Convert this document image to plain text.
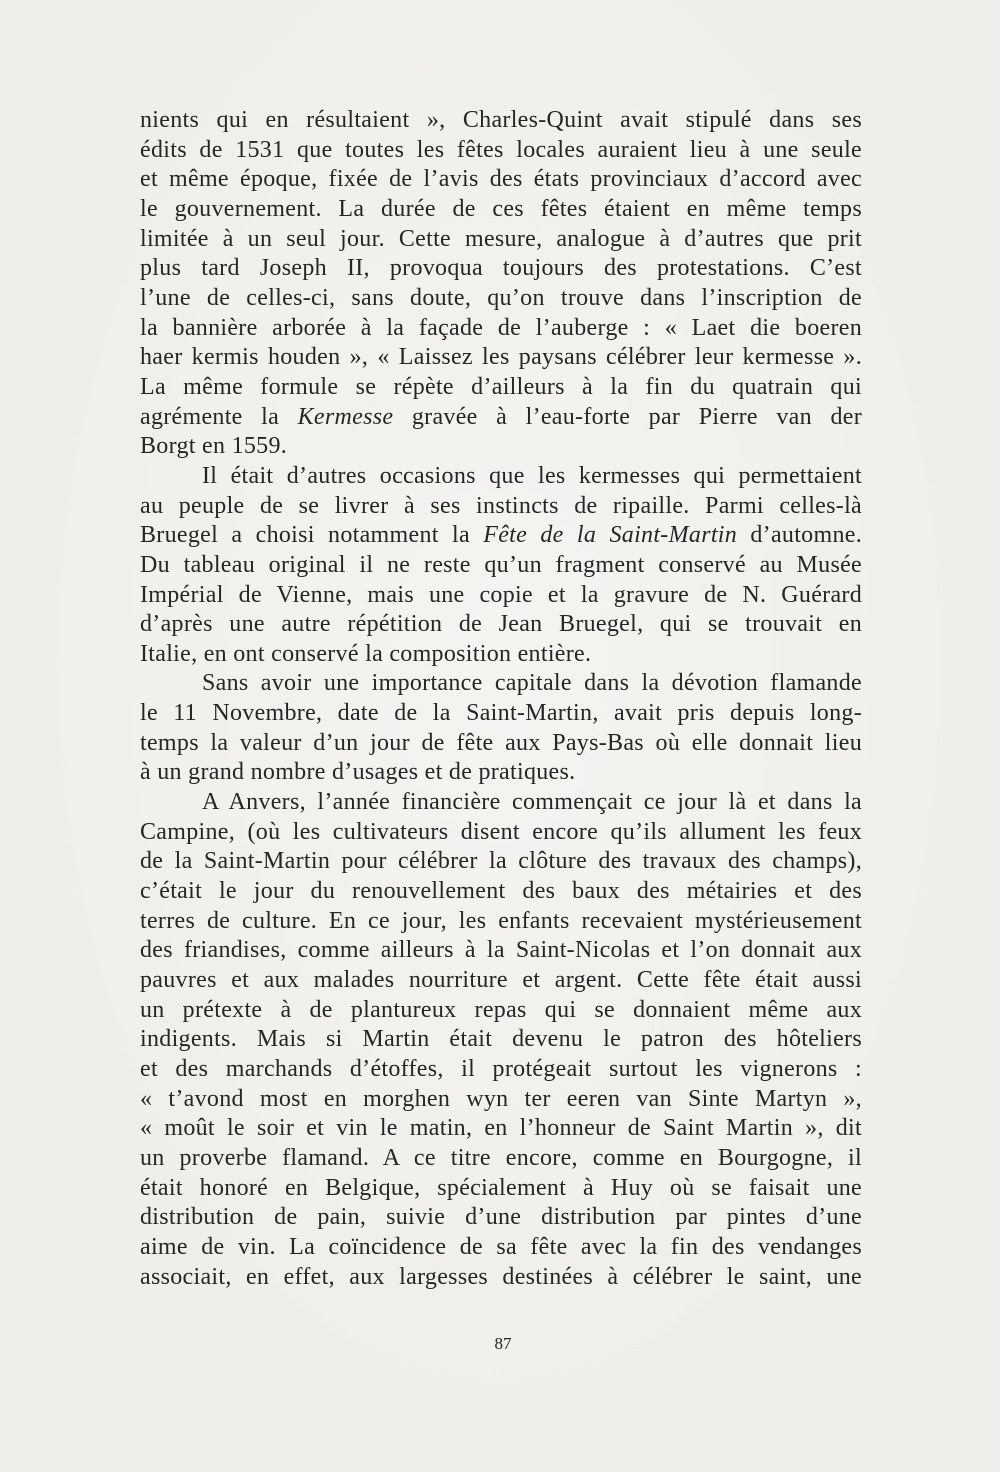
nients qui en résultaient », Charles-Quint avait stipulé dans ses
édits de 1531 que toutes les fêtes locales auraient lieu à une seule
et même époque, fixée de l’avis des états provinciaux d’accord avec
le gouvernement. La durée de ces fêtes étaient en même temps
limitée à un seul jour. Cette mesure, analogue à d’autres que prit
plus tard Joseph II, provoqua toujours des protestations. C’est
l’une de celles-ci, sans doute, qu’on trouve dans l’inscription de
la bannière arborée à la façade de l’auberge : « Laet die boeren
haer kermis houden », « Laissez les paysans célébrer leur kermesse ».
La même formule se répète d’ailleurs à la fin du quatrain qui
agrémente la Kermesse gravée à l’eau-forte par Pierre van der
Borgt en 1559.
Il était d’autres occasions que les kermesses qui permettaient
au peuple de se livrer à ses instincts de ripaille. Parmi celles-là
Bruegel a choisi notamment la Fête de la Saint-Martin d’automne.
Du tableau original il ne reste qu’un fragment conservé au Musée
Impérial de Vienne, mais une copie et la gravure de N. Guérard
d’après une autre répétition de Jean Bruegel, qui se trouvait en
Italie, en ont conservé la composition entière.
Sans avoir une importance capitale dans la dévotion flamande
le 11 Novembre, date de la Saint-Martin, avait pris depuis long-
temps la valeur d’un jour de fête aux Pays-Bas où elle donnait lieu
à un grand nombre d’usages et de pratiques.
A Anvers, l’année financière commençait ce jour là et dans la
Campine, (où les cultivateurs disent encore qu’ils allument les feux
de la Saint-Martin pour célébrer la clôture des travaux des champs),
c’était le jour du renouvellement des baux des métairies et des
terres de culture. En ce jour, les enfants recevaient mystérieusement
des friandises, comme ailleurs à la Saint-Nicolas et l’on donnait aux
pauvres et aux malades nourriture et argent. Cette fête était aussi
un prétexte à de plantureux repas qui se donnaient même aux
indigents. Mais si Martin était devenu le patron des hôteliers
et des marchands d’étoffes, il protégeait surtout les vignerons :
« t’avond most en morghen wyn ter eeren van Sinte Martyn »,
« moût le soir et vin le matin, en l’honneur de Saint Martin », dit
un proverbe flamand. A ce titre encore, comme en Bourgogne, il
était honoré en Belgique, spécialement à Huy où se faisait une
distribution de pain, suivie d’une distribution par pintes d’une
aime de vin. La coïncidence de sa fête avec la fin des vendanges
associait, en effet, aux largesses destinées à célébrer le saint, une
87
